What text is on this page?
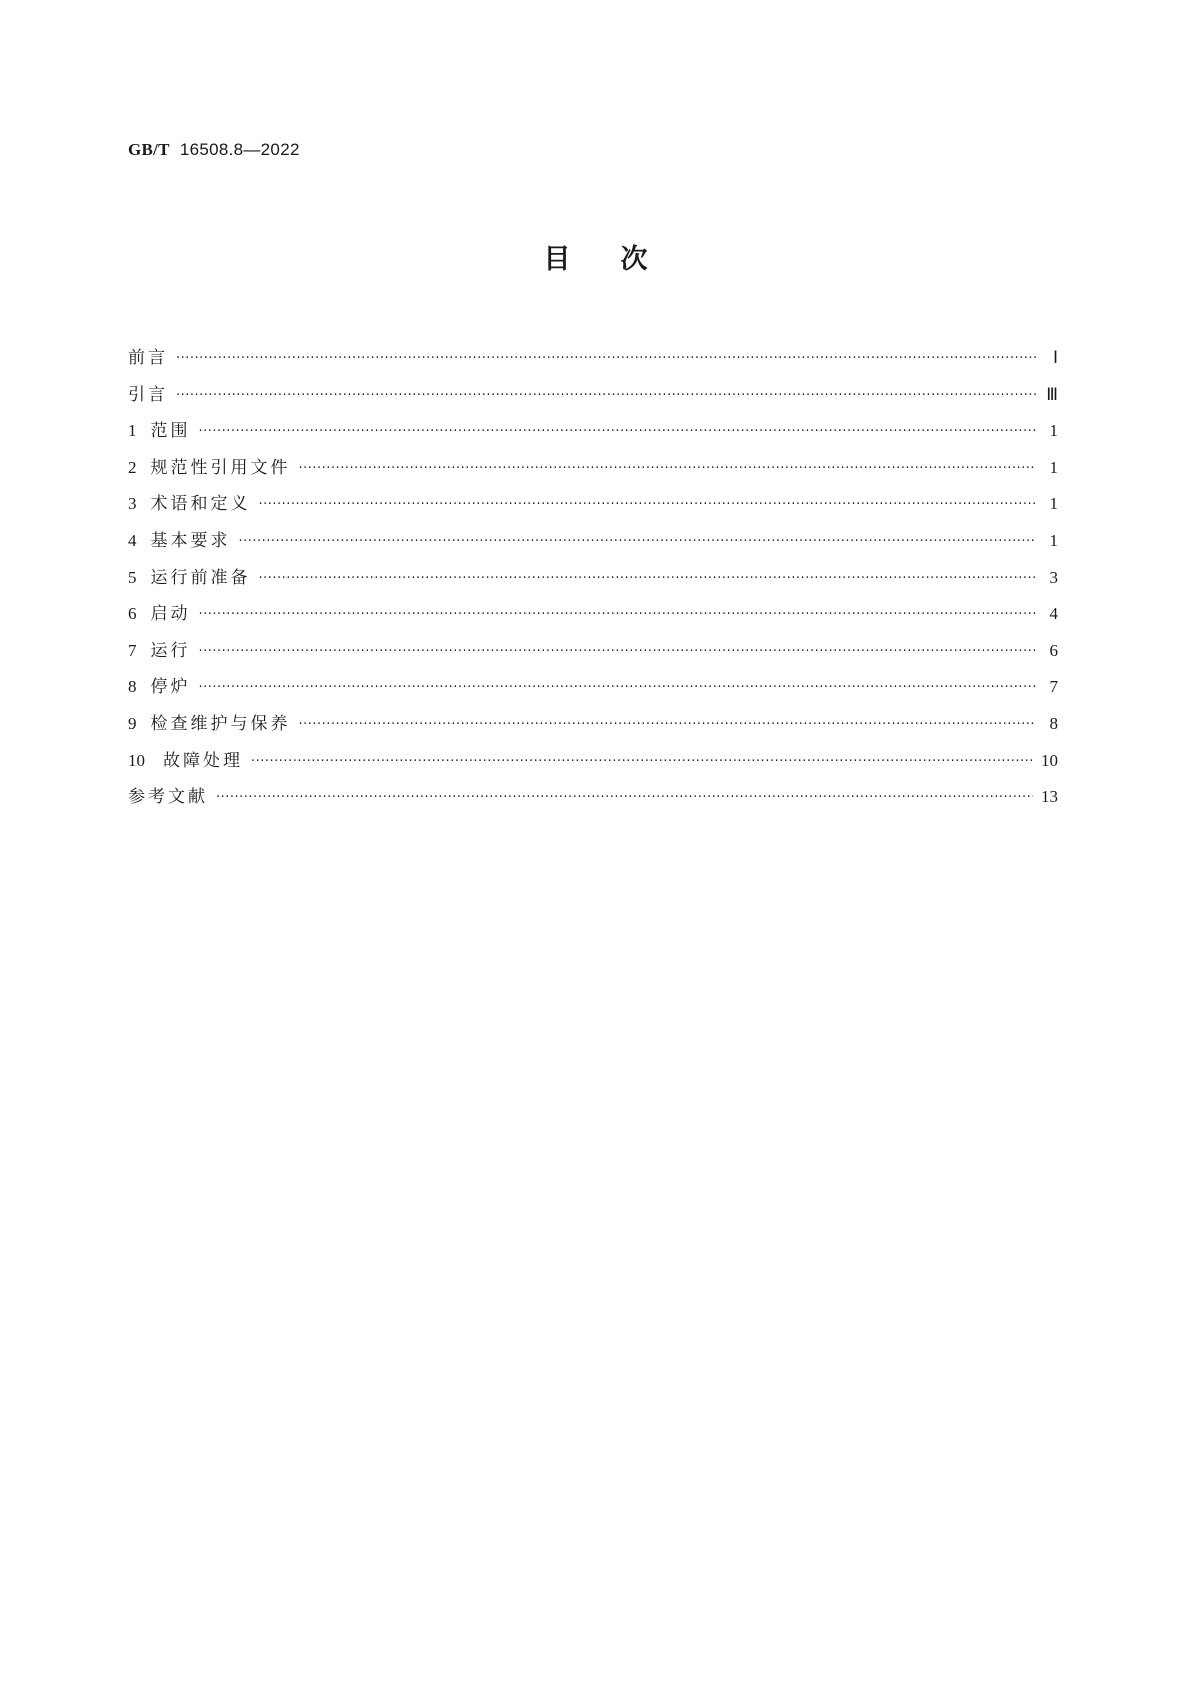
GB/T 16508.8—2022
目次
前言 ·····	Ⅰ
引言 ·····	Ⅲ
1 范围 ·····	1
2 规范性引用文件 ·····	1
3 术语和定义 ·····	1
4 基本要求 ·····	1
5 运行前准备 ·····	3
6 启动 ·····	4
7 运行 ·····	6
8 停炉 ·····	7
9 检查维护与保养 ·····	8
10 故障处理 ·····	10
参考文献 ·····	13
